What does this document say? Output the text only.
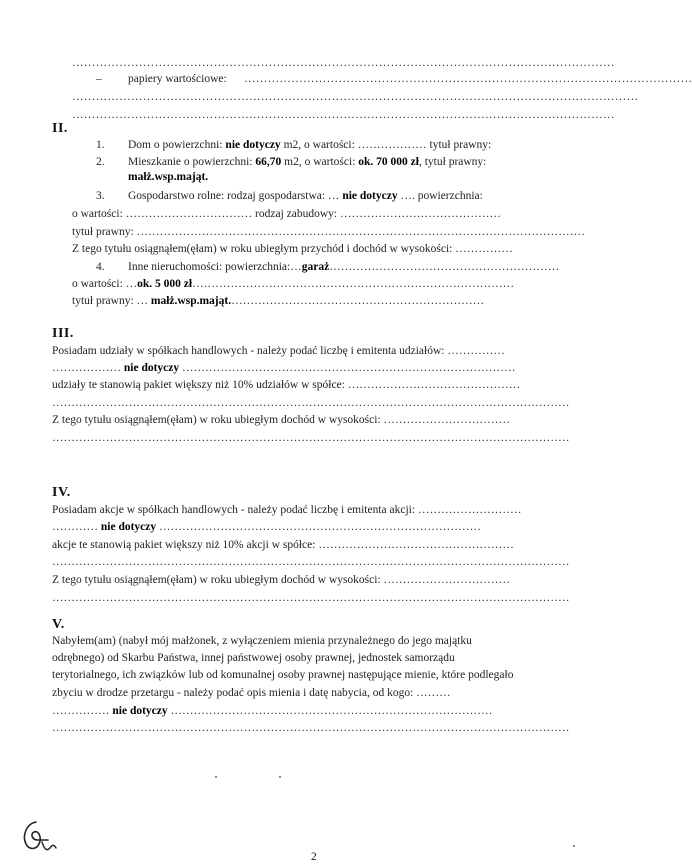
…………………………………………………………………………………………………………………………
– papiery wartościowe: ……………………………………………………………………………………………………
………………………………………………………………………………………………………………………………
…………………………………………………………………………………………………………………………
II.
1. Dom o powierzchni: nie dotyczy m2, o wartości: ……………… tytuł prawny:
2. Mieszkanie o powierzchni: 66,70 m2, o wartości: ok. 70 000 zł, tytuł prawny:
małż.wsp.mająt.
3. Gospodarstwo rolne: rodzaj gospodarstwa: … nie dotyczy …. powierzchnia:
o wartości: …………………………… rodzaj zabudowy: ……………………………………
tytuł prawny: ………………………………………………………………………………………………………
Z tego tytułu osiągnąłem(ęłam) w roku ubiegłym przychód i dochód w wysokości: ……………
4. Inne nieruchomości: powierzchnia:…garaż……………………………………………………
o wartości: …ok. 5 000 zł…………………………………………………………………………
tytuł prawny: … małż.wsp.mająt.…………………………………………………………
III.
Posiadam udziały w spółkach handlowych - należy podać liczbę i emitenta udziałów: ……………
……………… nie dotyczy ……………………………………………………………………………
udziały te stanowią pakiet większy niż 10% udziałów w spółce: ………………………………………
………………………………………………………………………………………………………………………
Z tego tytułu osiągnąłem(ęłam) w roku ubiegłym dochód w wysokości: ……………………………
………………………………………………………………………………………………………………………
IV.
Posiadam akcje w spółkach handlowych - należy podać liczbę i emitenta akcji: ………………………
………… nie dotyczy …………………………………………………………………………
akcje te stanowią pakiet większy niż 10% akcji w spółce: ……………………………………………
………………………………………………………………………………………………………………………
Z tego tytułu osiągnąłem(ęłam) w roku ubiegłym dochód w wysokości: ……………………………
………………………………………………………………………………………………………………………
V.
Nabyłem(am) (nabył mój małżonek, z wyłączeniem mienia przynależnego do jego majątku
odrębnego) od Skarbu Państwa, innej państwowej osoby prawnej, jednostek samorządu
terytorialnego, ich związków lub od komunalnej osoby prawnej następujące mienie, które podlegało
zbyciu w drodze przetargu - należy podać opis mienia i datę nabycia, od kogo: ………
…………… nie dotyczy …………………………………………………………………………
………………………………………………………………………………………………………………………
2
